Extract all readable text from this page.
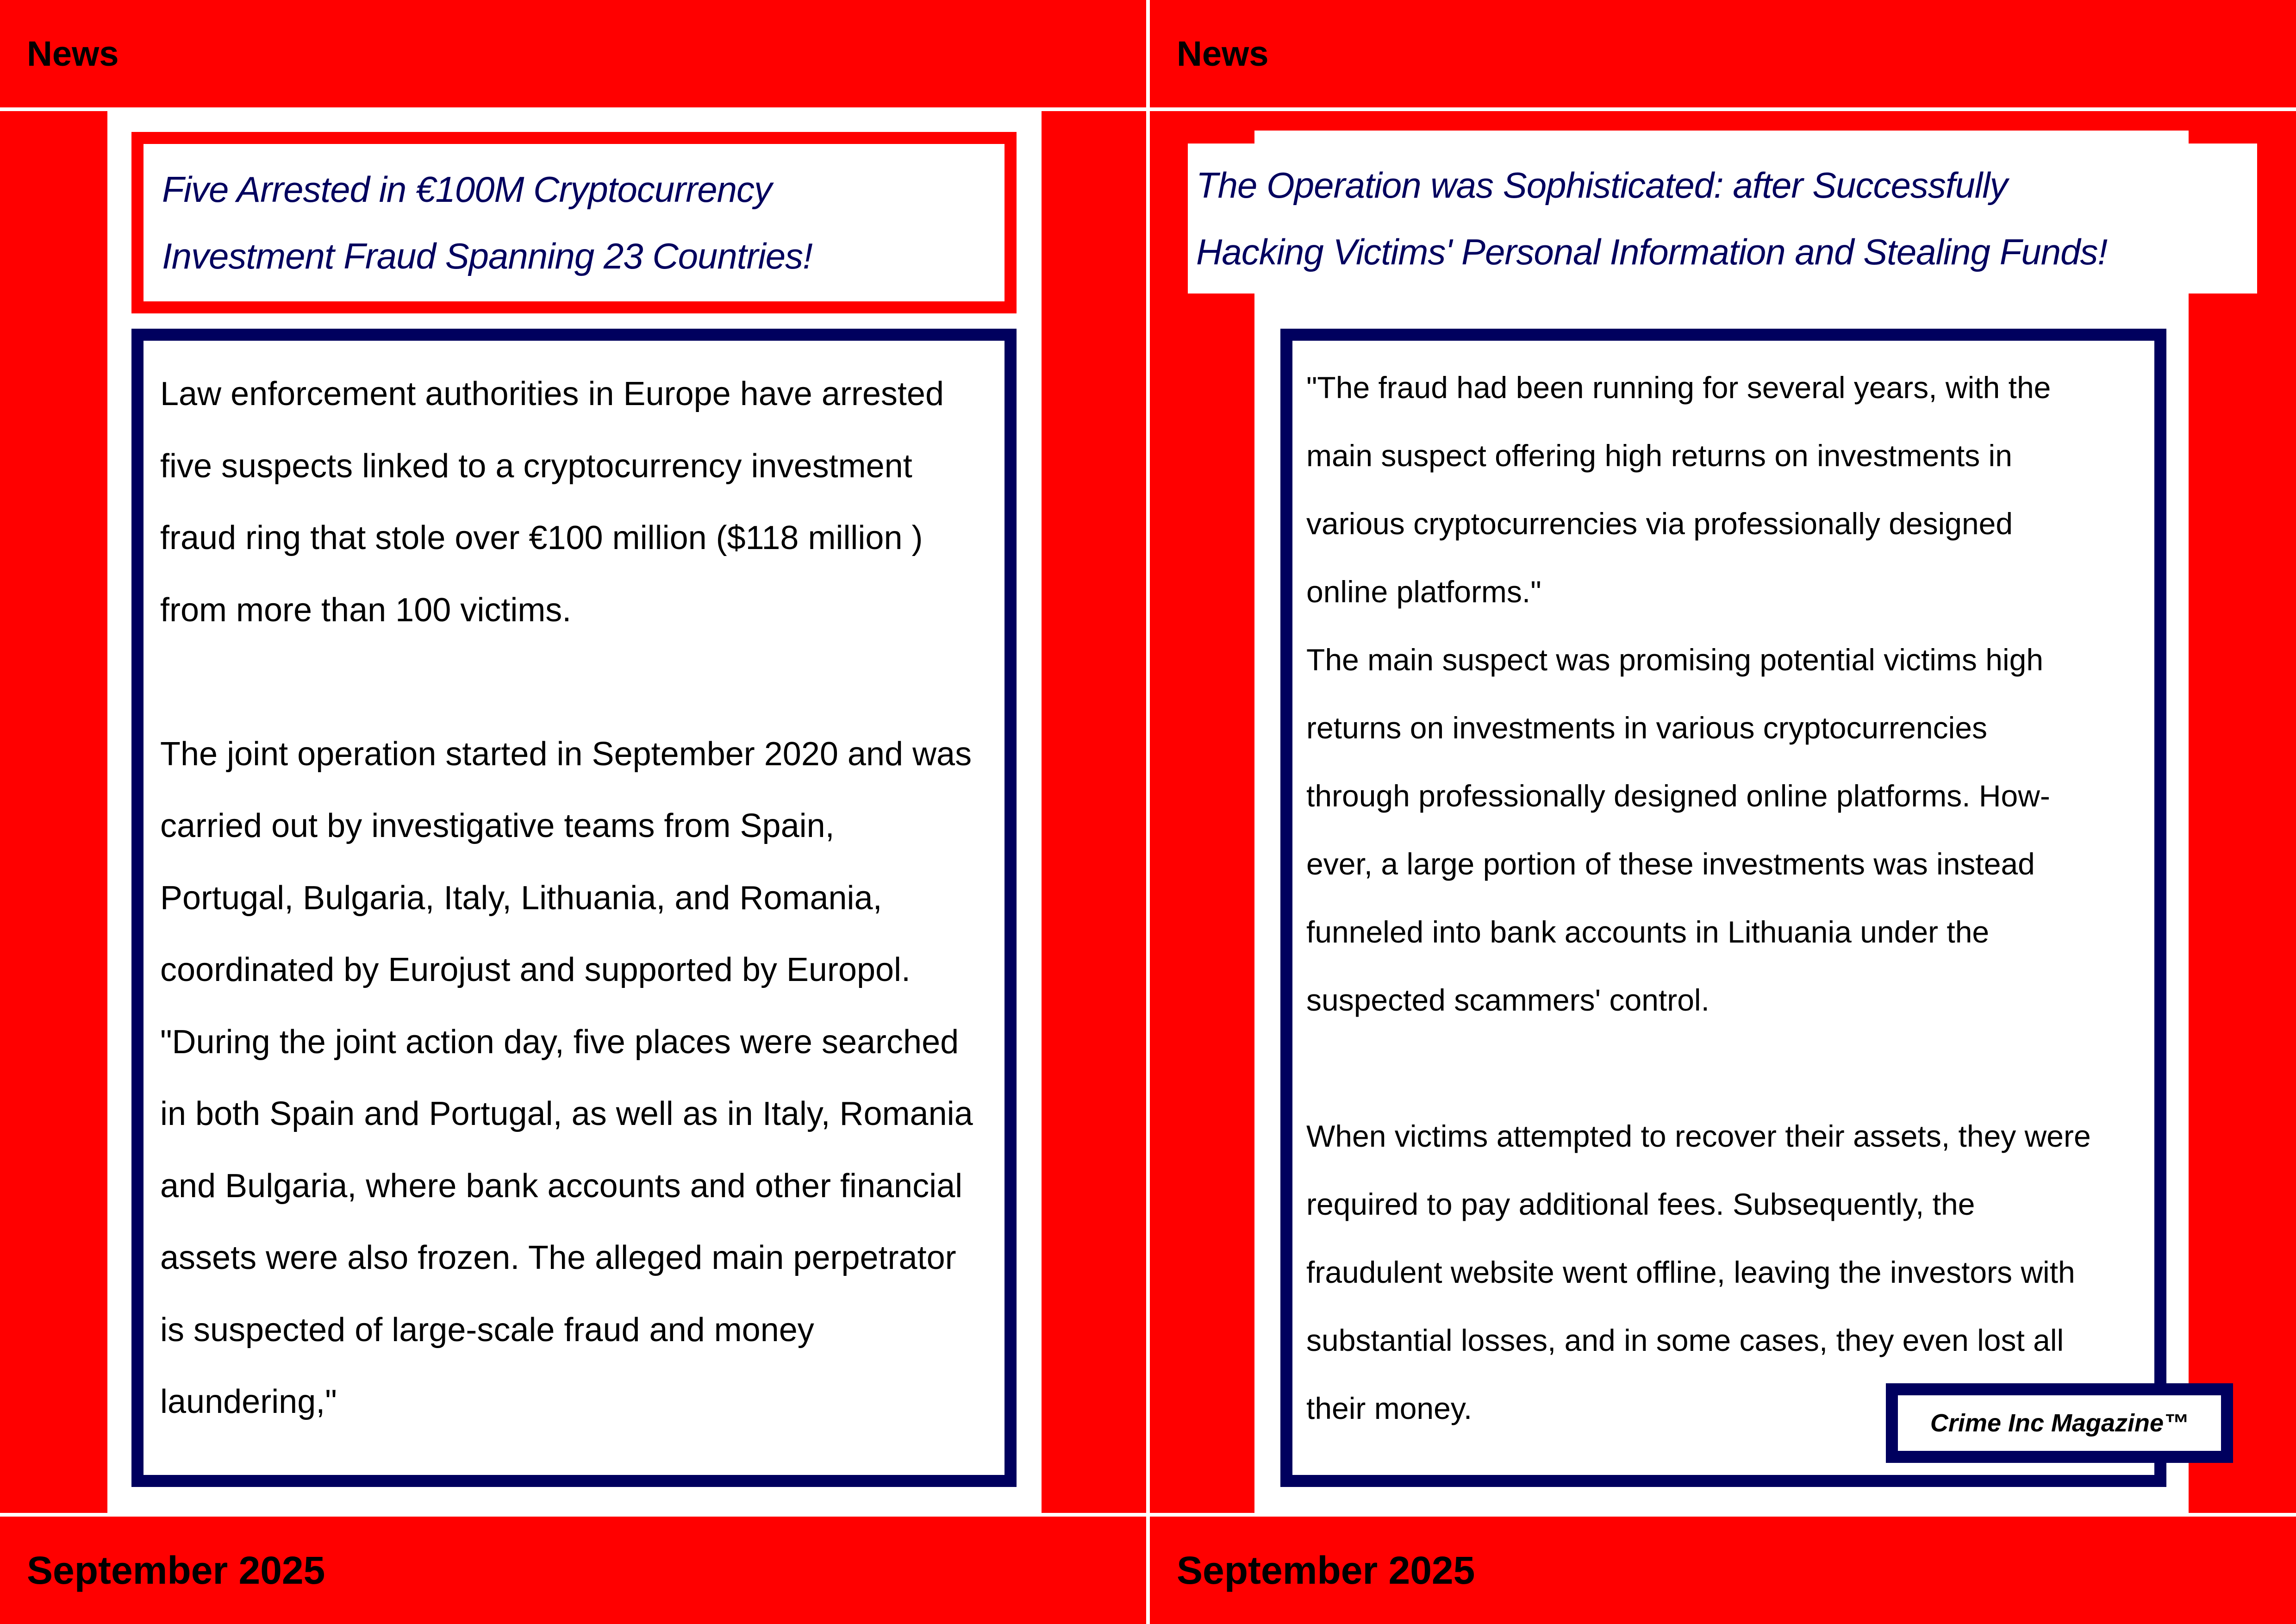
News
Five Arrested in €100M Cryptocurrency
Investment Fraud Spanning 23 Countries!

Law enforcement authorities in Europe have arrested
five suspects linked to a cryptocurrency investment
fraud ring that stole over €100 million ($118 million )
from more than 100 victims.

The joint operation started in September 2020 and was
carried out by investigative teams from Spain,
Portugal, Bulgaria, Italy, Lithuania, and Romania,
coordinated by Eurojust and supported by Europol.
"During the joint action day, five places were searched
in both Spain and Portugal, as well as in Italy, Romania
and Bulgaria, where bank accounts and other financial
assets were also frozen. The alleged main perpetrator
is suspected of large-scale fraud and money
laundering,"

September 2025
News
The Operation was Sophisticated: after Successfully
Hacking Victims' Personal Information and Stealing Funds!

"The fraud had been running for several years, with the
main suspect offering high returns on investments in
various cryptocurrencies via professionally designed
online platforms."
The main suspect was promising potential victims high
returns on investments in various cryptocurrencies
through professionally designed online platforms. How-
ever, a large portion of these investments was instead
funneled into bank accounts in Lithuania under the
suspected scammers' control.

When victims attempted to recover their assets, they were
required to pay additional fees. Subsequently, the
fraudulent website went offline, leaving the investors with
substantial losses, and in some cases, they even lost all
their money.	Crime Inc Magazine™
September 2025
